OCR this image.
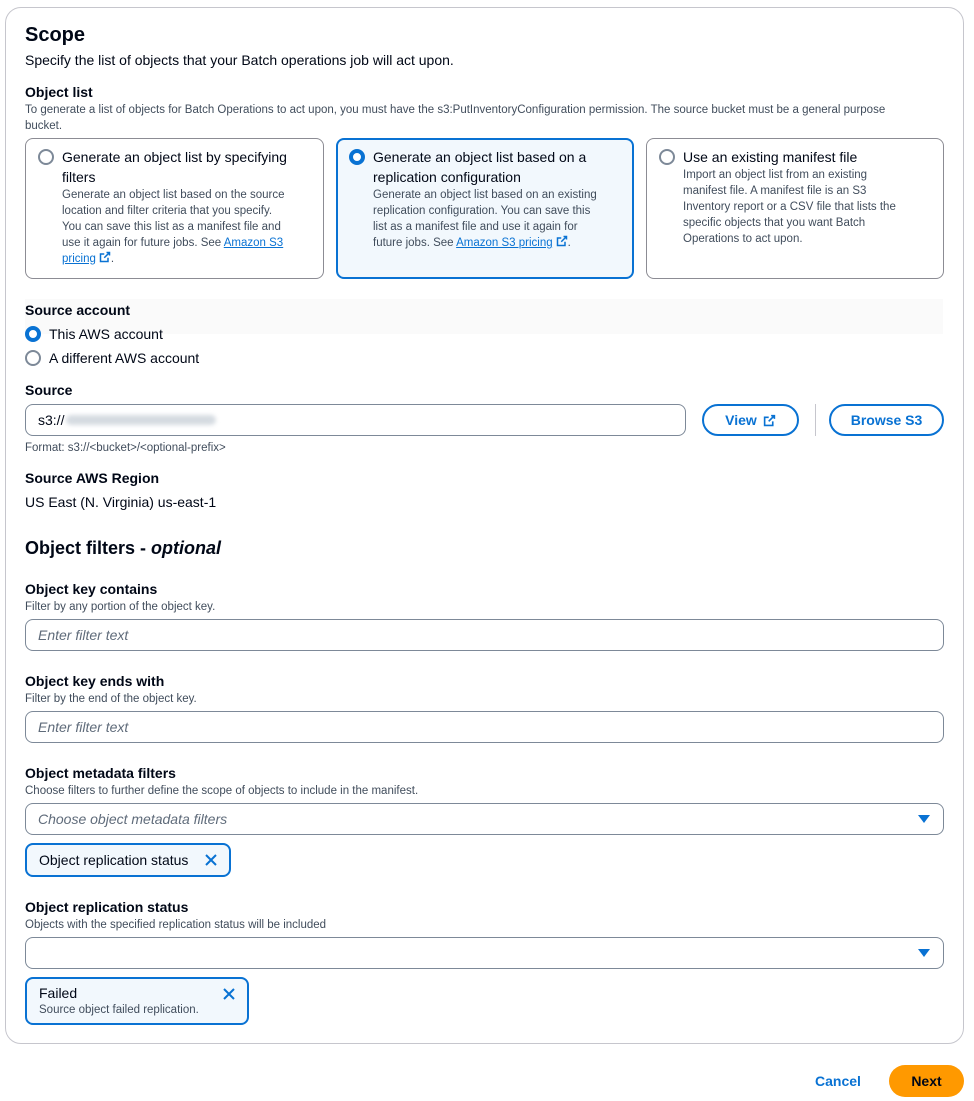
Scope
Specify the list of objects that your Batch operations job will act upon.
Object list
To generate a list of objects for Batch Operations to act upon, you must have the s3:PutInventoryConfiguration permission. The source bucket must be a general purpose bucket.
Generate an object list by specifying
filters
Generate an object list based on the source
location and filter criteria that you specify.
You can save this list as a manifest file and
use it again for future jobs. See Amazon S3
pricing .
Generate an object list based on a
replication configuration
Generate an object list based on an existing
replication configuration. You can save this
list as a manifest file and use it again for
future jobs. See Amazon S3 pricing .
Use an existing manifest file
Import an object list from an existing
manifest file. A manifest file is an S3
Inventory report or a CSV file that lists the
specific objects that you want Batch
Operations to act upon.
Source account
This AWS account
A different AWS account
Source
s3://	View	Browse S3
Format: s3://<bucket>/<optional-prefix>
Source AWS Region
US East (N. Virginia) us-east-1
Object filters - optional
Object key contains
Filter by any portion of the object key.
Enter filter text
Object key ends with
Filter by the end of the object key.
Enter filter text
Object metadata filters
Choose filters to further define the scope of objects to include in the manifest.
Choose object metadata filters
Object replication status
Object replication status
Objects with the specified replication status will be included
Failed
Source object failed replication.
Cancel	Next
